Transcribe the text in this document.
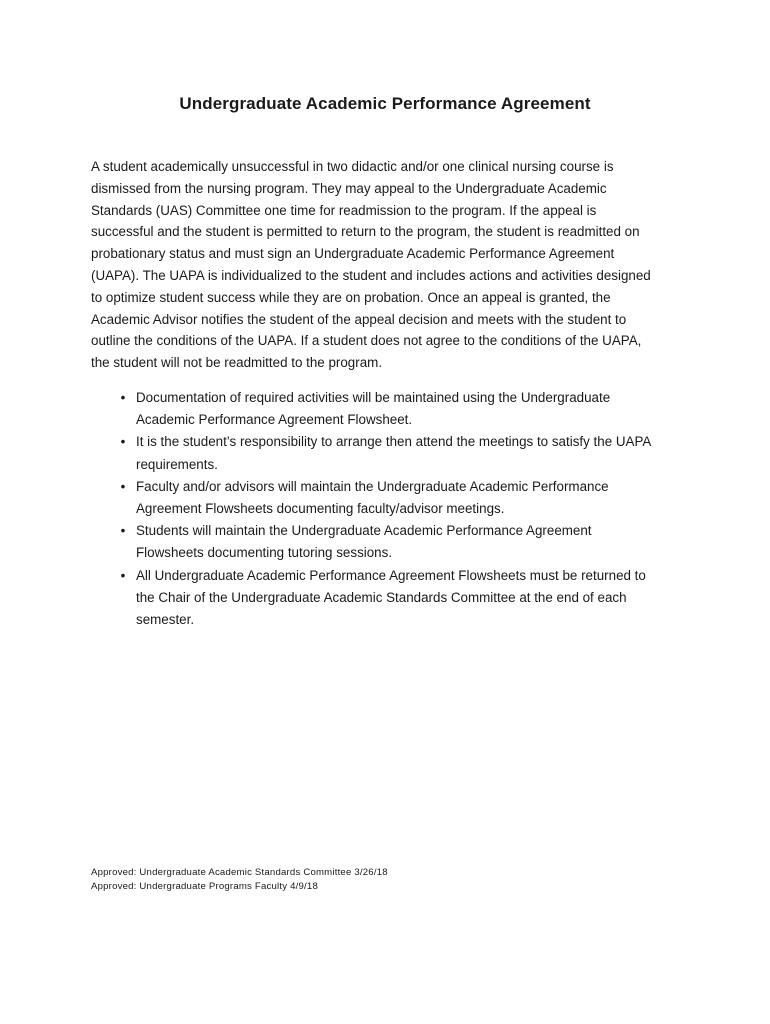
Undergraduate Academic Performance Agreement
A student academically unsuccessful in two didactic and/or one clinical nursing course is
dismissed from the nursing program. They may appeal to the Undergraduate Academic
Standards (UAS) Committee one time for readmission to the program. If the appeal is
successful and the student is permitted to return to the program, the student is readmitted on
probationary status and must sign an Undergraduate Academic Performance Agreement
(UAPA). The UAPA is individualized to the student and includes actions and activities designed
to optimize student success while they are on probation. Once an appeal is granted, the
Academic Advisor notifies the student of the appeal decision and meets with the student to
outline the conditions of the UAPA. If a student does not agree to the conditions of the UAPA,
the student will not be readmitted to the program.
• Documentation of required activities will be maintained using the Undergraduate
Academic Performance Agreement Flowsheet.
• It is the student’s responsibility to arrange then attend the meetings to satisfy the UAPA
requirements.
• Faculty and/or advisors will maintain the Undergraduate Academic Performance
Agreement Flowsheets documenting faculty/advisor meetings.
• Students will maintain the Undergraduate Academic Performance Agreement
Flowsheets documenting tutoring sessions.
• All Undergraduate Academic Performance Agreement Flowsheets must be returned to
the Chair of the Undergraduate Academic Standards Committee at the end of each
semester.
Approved: Undergraduate Academic Standards Committee 3/26/18
Approved: Undergraduate Programs Faculty 4/9/18
